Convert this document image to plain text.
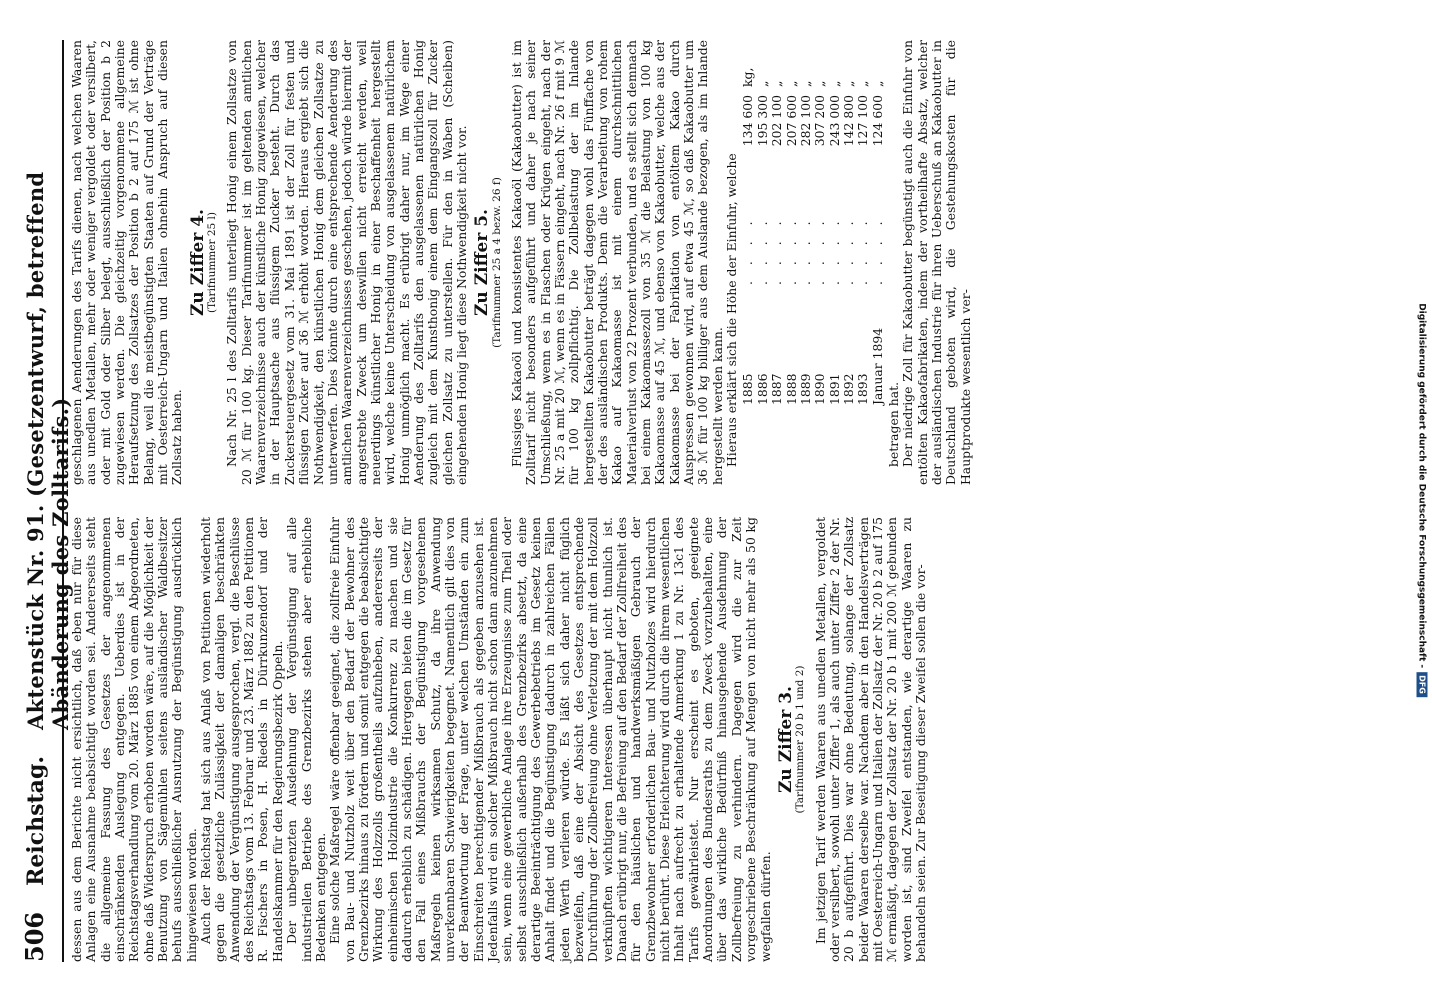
506
Reichstag.
Aktenstück Nr. 91. (Gesetzentwurf, betreffend Abänderung des Zolltarifs.)

dessen aus dem Berichte nicht ersichtlich, daß eben nur für diese Anlagen eine Ausnahme beabsichtigt worden sei. Andererseits steht die allgemeine Fassung des Gesetzes der angenommenen einschränkenden Auslegung entgegen. Ueberdies ist in der Reichstagsverhandlung vom 20. März 1885 von einem Abgeordneten, ohne daß Widerspruch erhoben worden wäre, auf die Möglichkeit der Benutzung von Sägemühlen seitens ausländischer Waldbesitzer behufs ausschließlicher Ausnutzung der Begünstigung ausdrücklich hingewiesen worden. Auch der Reichstag hat sich aus Anlaß von Petitionen wiederholt gegen die gesetzliche Zulässigkeit der damaligen beschränkten Anwendung der Vergünstigung ausgesprochen, vergl. die Beschlüsse des Reichstags vom 13. Februar und 23. März 1882 zu den Petitionen R. Fischers in Posen, H. Riedels in Dürrkunzendorf und der Handelskammer für den Regierungsbezirk Oppeln. Der unbegrenzten Ausdehnung der Vergünstigung auf alle industriellen Betriebe des Grenzbezirks stehen aber erhebliche Bedenken entgegen. Eine solche Maßregel wäre offenbar geeignet, die zollfreie Einfuhr von Bau- und Nutzholz weit über den Bedarf der Bewohner des Grenzbezirks hinaus zu fördern und somit entgegen die beabsichtigte Wirkung des Holzzolls großentheils aufzuheben, andererseits der einheimischen Holzindustrie die Konkurrenz zu machen und sie dadurch erheblich zu schädigen. Hiergegen bieten die im Gesetz für den Fall eines Mißbrauchs der Begünstigung vorgesehenen Maßregeln keinen wirksamen Schutz, da ihre Anwendung unverkennbaren Schwierigkeiten begegnet. Namentlich gilt dies von der Beantwortung der Frage, unter welchen Umständen ein zum Einschreiten berechtigender Mißbrauch als gegeben anzusehen ist. Jedenfalls wird ein solcher Mißbrauch nicht schon dann anzunehmen sein, wenn eine gewerbliche Anlage ihre Erzeugnisse zum Theil oder selbst ausschließlich außerhalb des Grenzbezirks absetzt, da eine derartige Beeinträchtigung des Gewerbebetriebs im Gesetz keinen Anhalt findet und die Begünstigung dadurch in zahlreichen Fällen jeden Werth verlieren würde. Es läßt sich daher nicht füglich bezweifeln, daß eine der Absicht des Gesetzes entsprechende Durchführung der Zollbefreiung ohne Verletzung der mit dem Holzzoll verknüpften wichtigeren Interessen überhaupt nicht thunlich ist. Danach erübrigt nur, die Befreiung auf den Bedarf der Zollfreiheit des für den häuslichen und handwerksmäßigen Gebrauch der Grenzbewohner erforderlichen Bau- und Nutzholzes wird hierdurch nicht berührt. Diese Erleichterung wird durch die ihrem wesentlichen Inhalt nach aufrecht zu erhaltende Anmerkung 1 zu Nr. 13c1 des Tarifs gewährleistet. Nur erscheint es geboten, geeignete Anordnungen des Bundesraths zu dem Zweck vorzubehalten, eine über das wirkliche Bedürfniß hinausgehende Ausdehnung der Zollbefreiung zu verhindern. Dagegen wird die zur Zeit vorgeschriebene Beschränkung auf Mengen von nicht mehr als 50 kg wegfallen dürfen.

Zu Ziffer 3.
(Tarifnummer 20 b 1 und 2) Im jetzigen Tarif werden Waaren aus unedlen Metallen, vergoldet oder versilbert, sowohl unter Ziffer 1, als auch unter Ziffer 2 der Nr. 20 b aufgeführt. Dies war ohne Bedeutung, solange der Zollsatz beider Waaren derselbe war. Nachdem aber in den Handelsverträgen mit Oesterreich-Ungarn und Italien der Zollsatz der Nr. 20 b 2 auf 175 ℳ ermäßigt, dagegen der Zollsatz der Nr. 20 b 1 mit 200 ℳ gebunden worden ist, sind Zweifel entstanden, wie derartige Waaren zu behandeln seien. Zur Beseitigung dieser Zweifel sollen die vor-

geschlagenen Aenderungen des Tarifs dienen, nach welchen Waaren aus unedlen Metallen, mehr oder weniger vergoldet oder versilbert, oder mit Gold oder Silber belegt, ausschließlich der Position b 2 zugewiesen werden. Die gleichzeitig vorgenommene allgemeine Heraufsetzung des Zollsatzes der Position b 2 auf 175 ℳ ist ohne Belang, weil die meistbegünstigten Staaten auf Grund der Verträge mit Oesterreich-Ungarn und Italien ohnehin Anspruch auf diesen Zollsatz haben.

Zu Ziffer 4.
(Tarifnummer 25 l) Nach Nr. 25 l des Zolltarifs unterliegt Honig einem Zollsatze von 20 ℳ für 100 kg. Dieser Tarifnummer ist im geltenden amtlichen Waarenverzeichnisse auch der künstliche Honig zugewiesen, welcher in der Hauptsache aus flüssigem Zucker besteht. Durch das Zuckersteuergesetz vom 31. Mai 1891 ist der Zoll für festen und flüssigen Zucker auf 36 ℳ erhöht worden. Hieraus ergiebt sich die Nothwendigkeit, den künstlichen Honig dem gleichen Zollsatze zu unterwerfen. Dies könnte durch eine entsprechende Aenderung des amtlichen Waarenverzeichnisses geschehen, jedoch würde hiermit der angestrebte Zweck um deswillen nicht erreicht werden, weil neuerdings künstlicher Honig in einer Beschaffenheit hergestellt wird, welche keine Unterscheidung von ausgelassenem natürlichem Honig unmöglich macht. Es erübrigt daher nur, im Wege einer Aenderung des Zolltarifs den ausgelassenen natürlichen Honig zugleich mit dem Kunsthonig einem dem Eingangszoll für Zucker gleichen Zollsatz zu unterstellen. Für den in Waben (Scheiben) eingehenden Honig liegt diese Nothwendigkeit nicht vor. Zu Ziffer 5.
(Tarifnummer 25 a 4 bezw. 26 f) Flüssiges Kakaoöl und konsistentes Kakaoöl (Kakaobutter) ist im Zolltarif nicht besonders aufgeführt und daher je nach seiner Umschließung, wenn es in Flaschen oder Krügen eingeht, nach der Nr. 25 a mit 20 ℳ, wenn es in Fässern eingeht, nach Nr. 26 f mit 9 ℳ für 100 kg zollpflichtig. Die Zollbelastung der im Inlande hergestellten Kakaobutter beträgt dagegen wohl das Fünffache von der des ausländischen Produkts. Denn die Verarbeitung von rohem Kakao auf Kakaomasse ist mit einem durchschnittlichen Materialverlust von 22 Prozent verbunden, und es stellt sich demnach bei einem Kakaomassezoll von 35 ℳ die Belastung von 100 kg Kakaomasse auf 45 ℳ, und ebenso von Kakaobutter, welche aus der Kakaomasse bei der Fabrikation von entöltem Kakao durch Auspressen gewonnen wird, auf etwa 45 ℳ, so daß Kakaobutter um 36 ℳ für 100 kg billiger aus dem Auslande bezogen, als im Inlande hergestellt werden kann. Hieraus erklärt sich die Höhe der Einfuhr, welche 1885
. . . .
134 600
kg,
1886
. . . .
195 300
„
1887
. . . .
202 100
„
1888
. . . .
207 600
„
1889
. . . .
282 100
„
1890
. . . .
307 200
„
1891
. . . .
243 000
„
1892
. . . .
142 800
„
1893
. . . .
127 100
„
Januar 1894
. . . .
124 600
„

betragen hat. Der niedrige Zoll für Kakaobutter begünstigt auch die Einfuhr von entölten Kakaofabrikaten, indem der vortheilhafte Absatz, welcher der ausländischen Industrie für ihren Ueberschuß an Kakaobutter in Deutschland geboten wird, die Gestehungskosten für die Hauptprodukte wesentlich ver-	Digitalisierung gefördert durch die Deutsche Forschungsgemeinschaft -
DFG
